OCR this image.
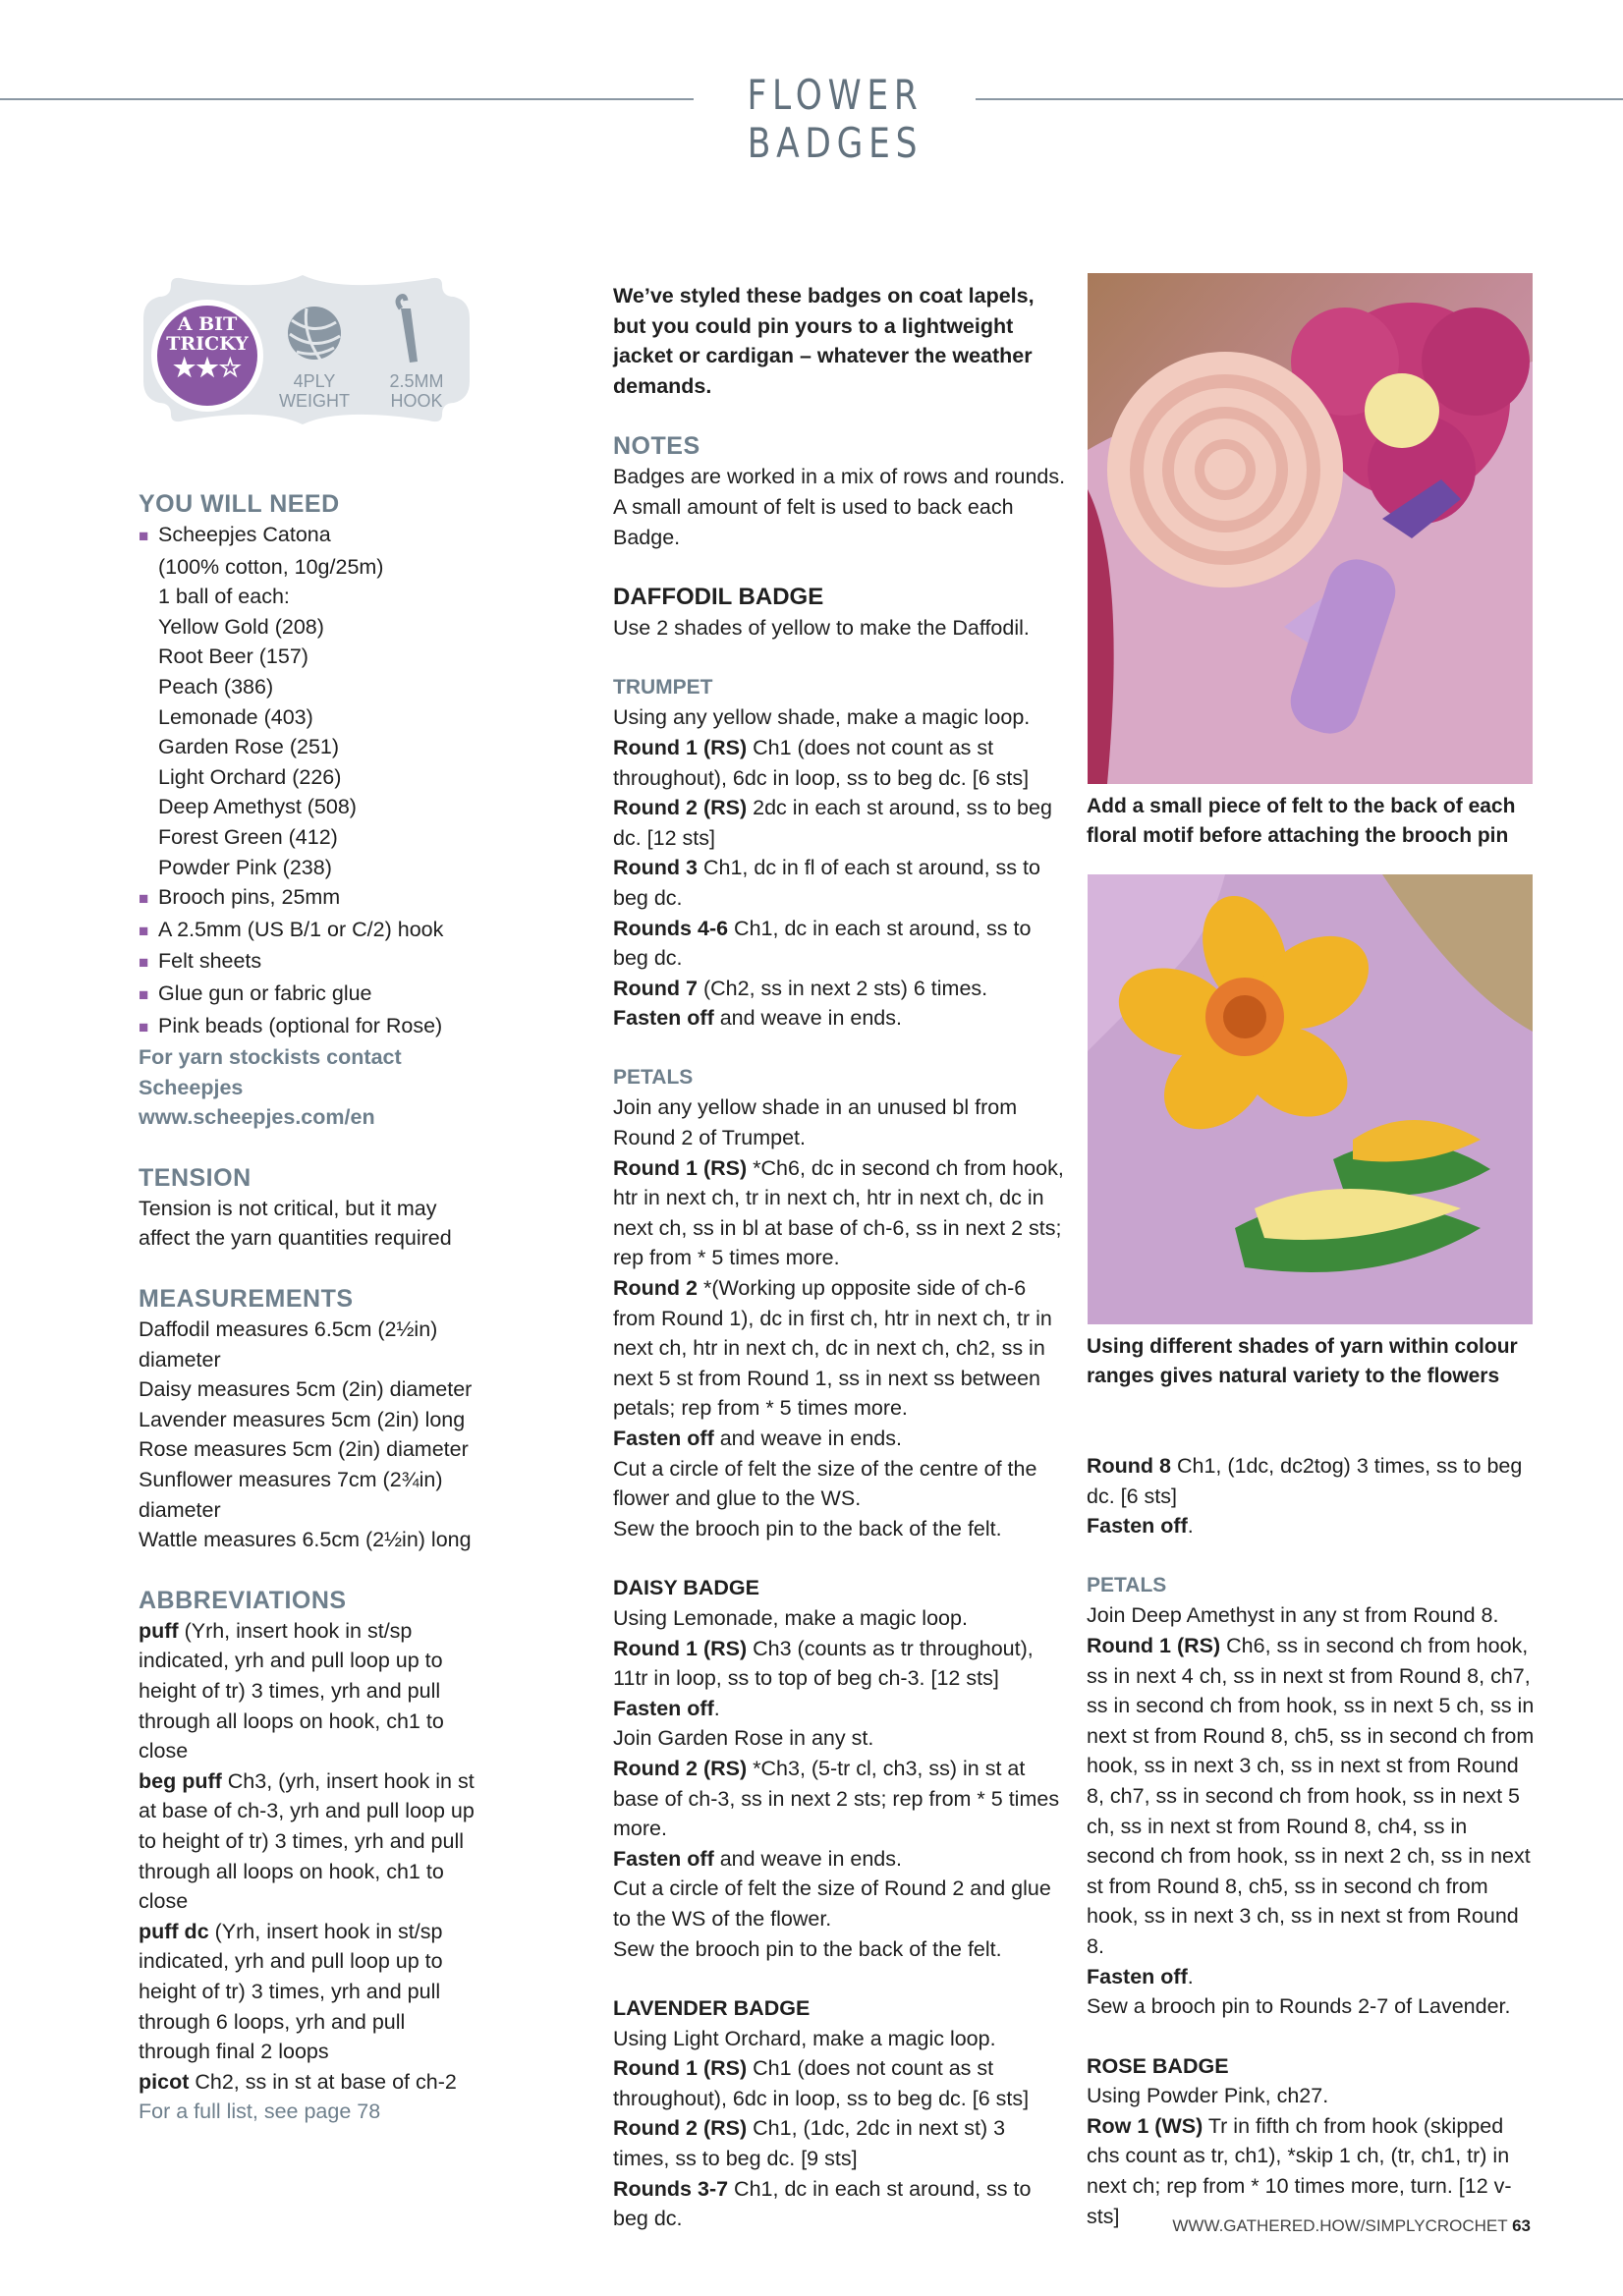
FLOWER BADGES
A BIT
TRICKY
★★☆	4PLY
WEIGHT
2.5MM
HOOK

YOU WILL NEED

■ Scheepjes Catona

(100% cotton, 10g/25m)

1 ball of each:

Yellow Gold (208)

Root Beer (157)

Peach (386)

Lemonade (403)

Garden Rose (251)

Light Orchard (226)

Deep Amethyst (508)

Forest Green (412)

Powder Pink (238)

■ Brooch pins, 25mm

■ A 2.5mm (US B/1 or C/2) hook

■ Felt sheets

■ Glue gun or fabric glue

■ Pink beads (optional for Rose)

For yarn stockists contact

Scheepjes

www.scheepjes.com/en

TENSION

Tension is not critical, but it may affect the yarn quantities required

MEASUREMENTS

Daffodil measures 6.5cm (2½in) diameter

Daisy measures 5cm (2in) diameter

Lavender measures 5cm (2in) long

Rose measures 5cm (2in) diameter

Sunflower measures 7cm (2¾in) diameter

Wattle measures 6.5cm (2½in) long

ABBREVIATIONS

puff (Yrh, insert hook in st/sp indicated, yrh and pull loop up to height of tr) 3 times, yrh and pull through all loops on hook, ch1 to close

beg puff Ch3, (yrh, insert hook in st at base of ch-3, yrh and pull loop up to height of tr) 3 times, yrh and pull through all loops on hook, ch1 to close

puff dc (Yrh, insert hook in st/sp indicated, yrh and pull loop up to height of tr) 3 times, yrh and pull through 6 loops, yrh and pull through final 2 loops

picot Ch2, ss in st at base of ch-2

For a full list, see page 78

We’ve styled these badges on coat lapels, but you could pin yours to a lightweight jacket or cardigan – whatever the weather demands.

NOTES

Badges are worked in a mix of rows and rounds. A small amount of felt is used to back each Badge.

DAFFODIL BADGE

Use 2 shades of yellow to make the Daffodil.

TRUMPET

Using any yellow shade, make a magic loop.

Round 1 (RS) Ch1 (does not count as st throughout), 6dc in loop, ss to beg dc. [6 sts]

Round 2 (RS) 2dc in each st around, ss to beg dc. [12 sts]

Round 3 Ch1, dc in fl of each st around, ss to beg dc.

Rounds 4-6 Ch1, dc in each st around, ss to beg dc.

Round 7 (Ch2, ss in next 2 sts) 6 times.

Fasten off and weave in ends.

PETALS

Join any yellow shade in an unused bl from Round 2 of Trumpet.

Round 1 (RS) *Ch6, dc in second ch from hook, htr in next ch, tr in next ch, htr in next ch, dc in next ch, ss in bl at base of ch-6, ss in next 2 sts; rep from * 5 times more.

Round 2 *(Working up opposite side of ch-6 from Round 1), dc in first ch, htr in next ch, tr in next ch, htr in next ch, dc in next ch, ch2, ss in next 5 st from Round 1, ss in next ss between petals; rep from * 5 times more.

Fasten off and weave in ends.

Cut a circle of felt the size of the centre of the flower and glue to the WS.

Sew the brooch pin to the back of the felt.

DAISY BADGE

Using Lemonade, make a magic loop.

Round 1 (RS) Ch3 (counts as tr throughout), 11tr in loop, ss to top of beg ch-3. [12 sts]

Fasten off.

Join Garden Rose in any st.

Round 2 (RS) *Ch3, (5-tr cl, ch3, ss) in st at base of ch-3, ss in next 2 sts; rep from * 5 times more.

Fasten off and weave in ends.

Cut a circle of felt the size of Round 2 and glue to the WS of the flower.

Sew the brooch pin to the back of the felt.

LAVENDER BADGE

Using Light Orchard, make a magic loop.

Round 1 (RS) Ch1 (does not count as st throughout), 6dc in loop, ss to beg dc. [6 sts]

Round 2 (RS) Ch1, (1dc, 2dc in next st) 3 times, ss to beg dc. [9 sts]

Rounds 3-7 Ch1, dc in each st around, ss to beg dc.

Add a small piece of felt to the back of each floral motif before attaching the brooch pin
Using different shades of yarn within colour ranges gives natural variety to the flowers

Round 8 Ch1, (1dc, dc2tog) 3 times, ss to beg dc. [6 sts]

Fasten off.

PETALS

Join Deep Amethyst in any st from Round 8.

Round 1 (RS) Ch6, ss in second ch from hook, ss in next 4 ch, ss in next st from Round 8, ch7, ss in second ch from hook, ss in next 5 ch, ss in next st from Round 8, ch5, ss in second ch from hook, ss in next 3 ch, ss in next st from Round 8, ch7, ss in second ch from hook, ss in next 5 ch, ss in next st from Round 8, ch4, ss in second ch from hook, ss in next 2 ch, ss in next st from Round 8, ch5, ss in second ch from hook, ss in next 3 ch, ss in next st from Round 8.

Fasten off.

Sew a brooch pin to Rounds 2-7 of Lavender.

ROSE BADGE

Using Powder Pink, ch27.

Row 1 (WS) Tr in fifth ch from hook (skipped chs count as tr, ch1), *skip 1 ch, (tr, ch1, tr) in next ch; rep from * 10 times more, turn. [12 v-sts]	WWW.GATHERED.HOW/SIMPLYCROCHET 63
